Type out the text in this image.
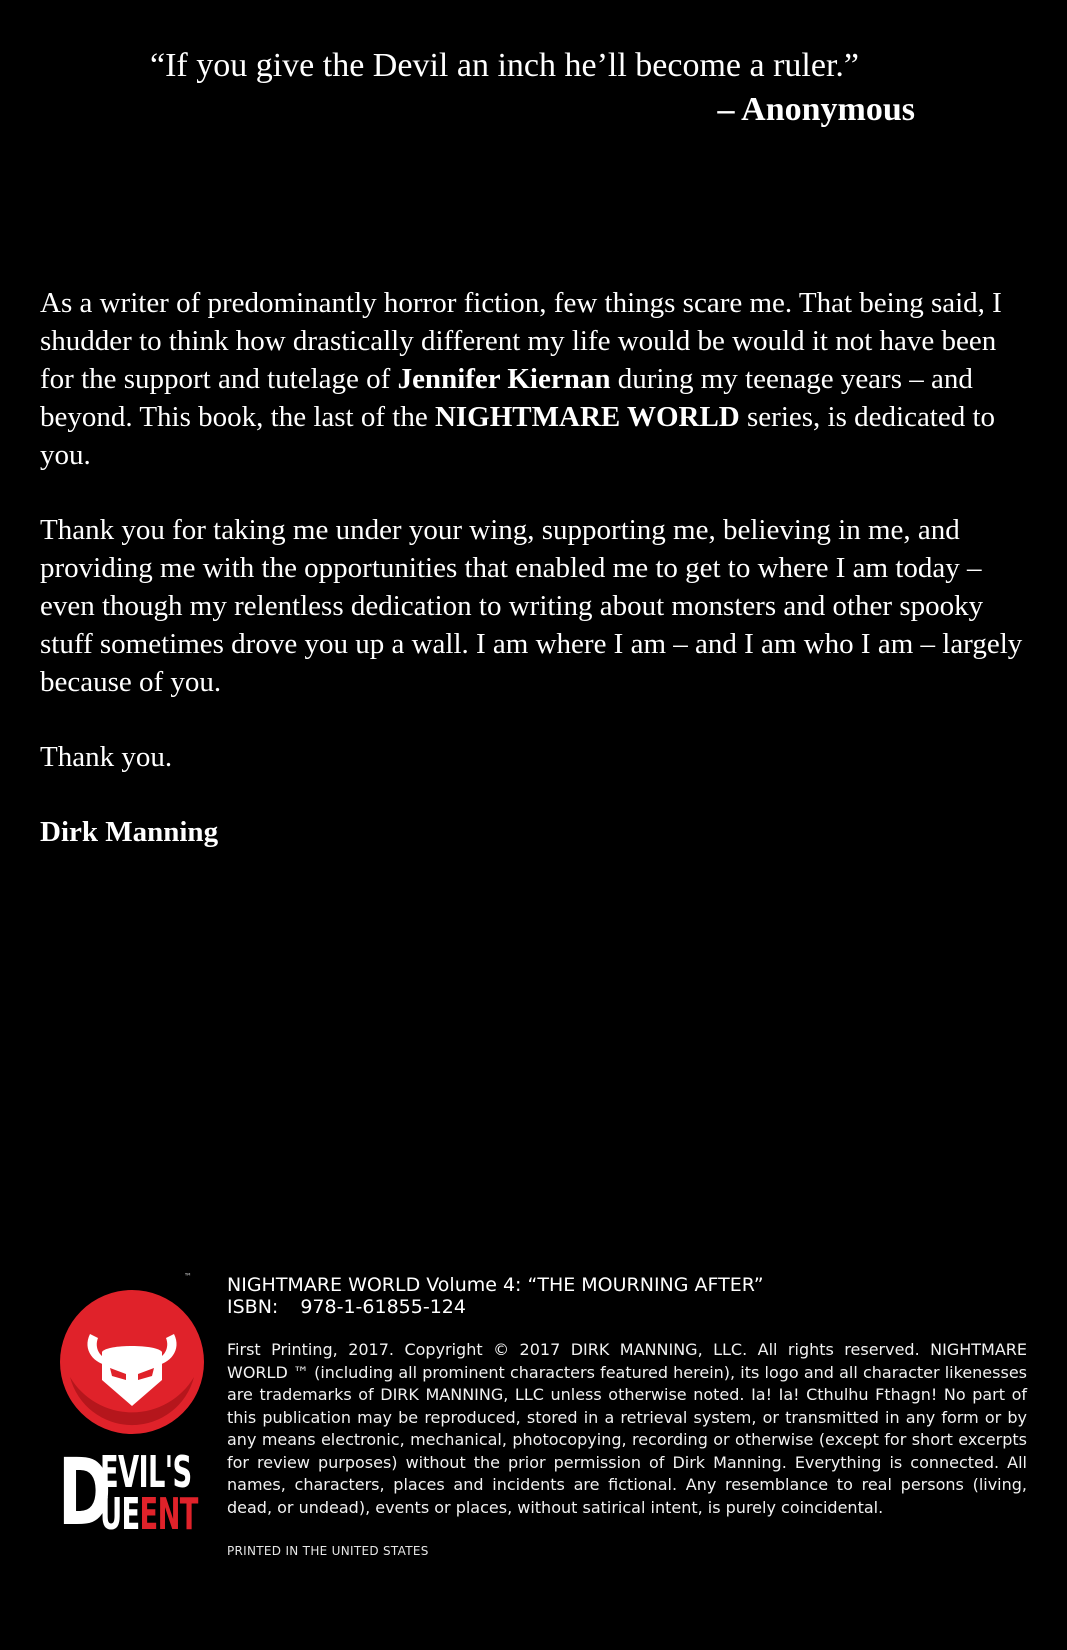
“If you give the Devil an inch he’ll become a ruler.”
– Anonymous

As a writer of predominantly horror fiction, few things scare me. That being said, I shudder to think how drastically different my life would be would it not have been for the support and tutelage of Jennifer Kiernan during my teenage years – and beyond. This book, the last of the NIGHTMARE WORLD series, is dedicated to you.

Thank you for taking me under your wing, supporting me, believing in me, and providing me with the opportunities that enabled me to get to where I am today – even though my relentless dedication to writing about monsters and other spooky stuff sometimes drove you up a wall. I am where I am – and I am who I am – largely because of you.

Thank you.

Dirk Manning

™
D
EVIL'S
UEENT
NIGHTMARE WORLD Volume 4: “THE MOURNING AFTER”
ISBN: 978-1-61855-124
First Printing, 2017. Copyright © 2017 DIRK MANNING, LLC. All rights reserved. NIGHTMARE WORLD ™ (including all prominent characters featured herein), its logo and all character likenesses are trademarks of DIRK MANNING, LLC unless otherwise noted. Ia! Ia! Cthulhu Fthagn! No part of this publication may be reproduced, stored in a retrieval system, or transmitted in any form or by any means electronic, mechanical, photocopying, recording or otherwise (except for short excerpts for review purposes) without the prior permission of Dirk Manning. Everything is connected. All names, characters, places and incidents are fictional. Any resemblance to real persons (living, dead, or undead), events or places, without satirical intent, is purely coincidental.
PRINTED IN THE UNITED STATES
